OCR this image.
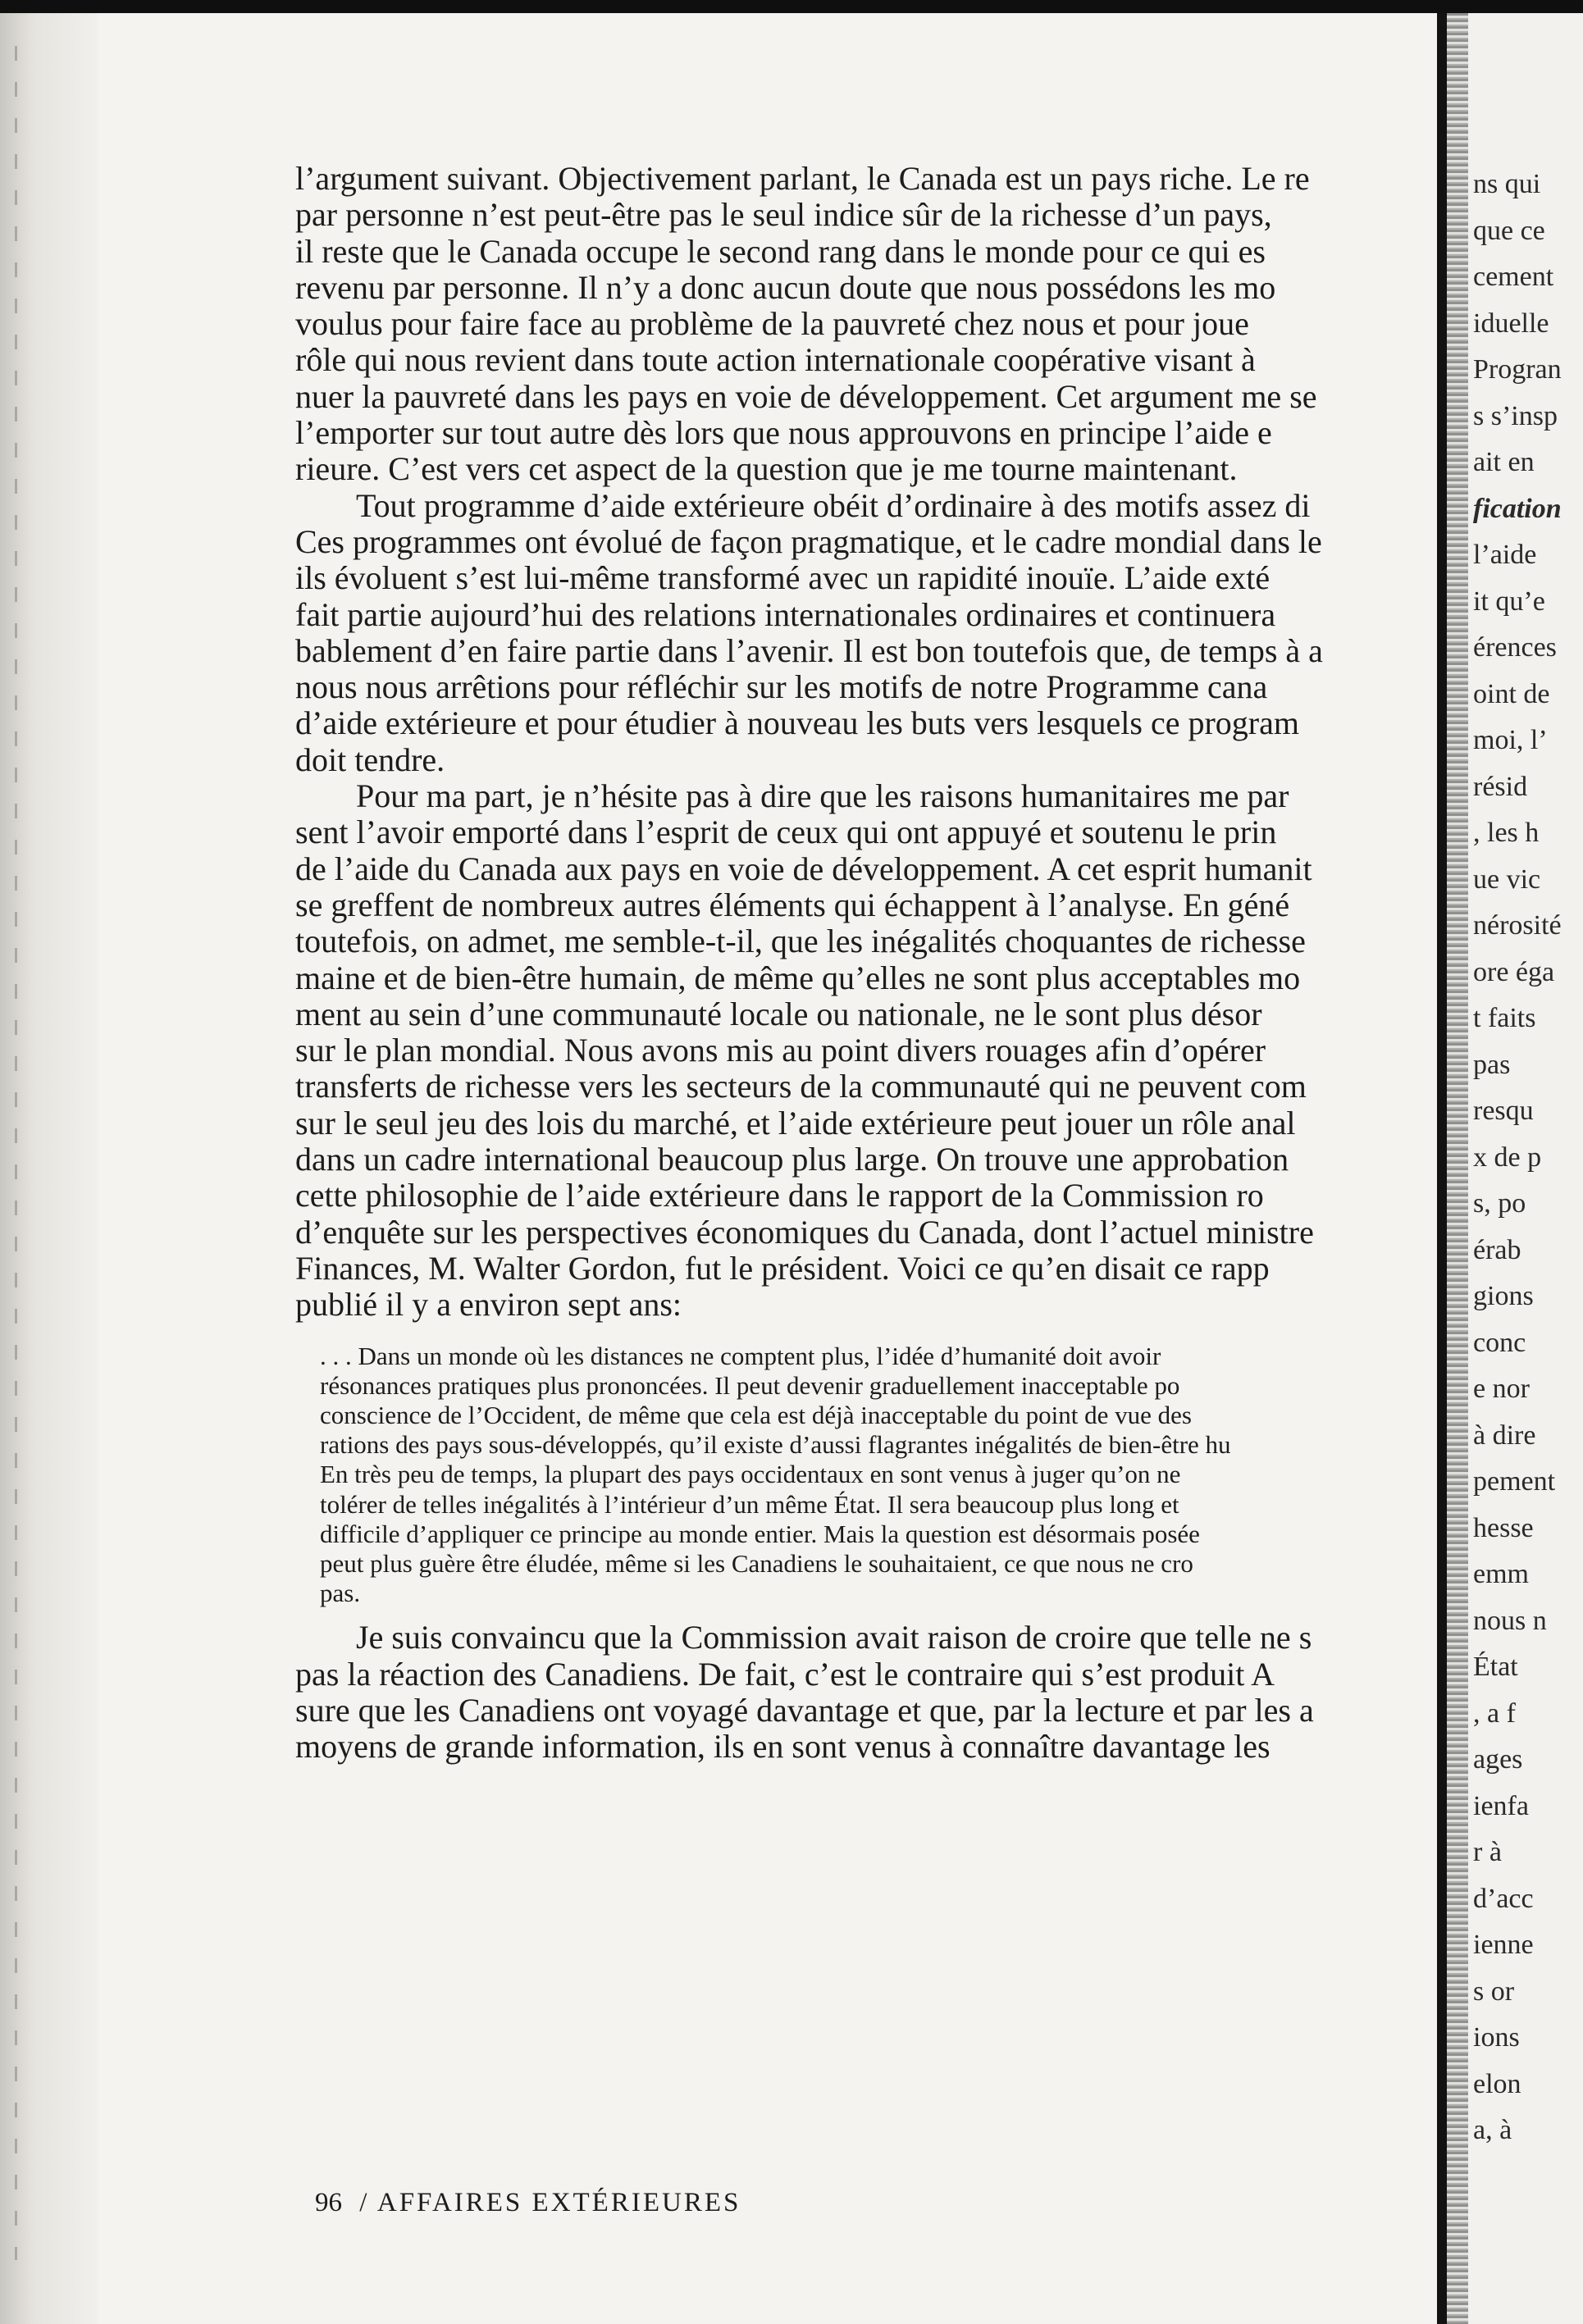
l’argument suivant. Objectivement parlant, le Canada est un pays riche. Le re
par personne n’est peut-être pas le seul indice sûr de la richesse d’un pays,
il reste que le Canada occupe le second rang dans le monde pour ce qui es
revenu par personne. Il n’y a donc aucun doute que nous possédons les mo
voulus pour faire face au problème de la pauvreté chez nous et pour joue
rôle qui nous revient dans toute action internationale coopérative visant à
nuer la pauvreté dans les pays en voie de développement. Cet argument me se
l’emporter sur tout autre dès lors que nous approuvons en principe l’aide e
rieure. C’est vers cet aspect de la question que je me tourne maintenant.
Tout programme d’aide extérieure obéit d’ordinaire à des motifs assez di
Ces programmes ont évolué de façon pragmatique, et le cadre mondial dans le
ils évoluent s’est lui-même transformé avec un rapidité inouïe. L’aide exté
fait partie aujourd’hui des relations internationales ordinaires et continuera
bablement d’en faire partie dans l’avenir. Il est bon toutefois que, de temps à a
nous nous arrêtions pour réfléchir sur les motifs de notre Programme cana
d’aide extérieure et pour étudier à nouveau les buts vers lesquels ce program
doit tendre.
Pour ma part, je n’hésite pas à dire que les raisons humanitaires me par
sent l’avoir emporté dans l’esprit de ceux qui ont appuyé et soutenu le prin
de l’aide du Canada aux pays en voie de développement. A cet esprit humanit
se greffent de nombreux autres éléments qui échappent à l’analyse. En géné
toutefois, on admet, me semble-t-il, que les inégalités choquantes de richesse
maine et de bien-être humain, de même qu’elles ne sont plus acceptables mo
ment au sein d’une communauté locale ou nationale, ne le sont plus désor
sur le plan mondial. Nous avons mis au point divers rouages afin d’opérer
transferts de richesse vers les secteurs de la communauté qui ne peuvent com
sur le seul jeu des lois du marché, et l’aide extérieure peut jouer un rôle anal
dans un cadre international beaucoup plus large. On trouve une approbation
cette philosophie de l’aide extérieure dans le rapport de la Commission ro
d’enquête sur les perspectives économiques du Canada, dont l’actuel ministre
Finances, M. Walter Gordon, fut le président. Voici ce qu’en disait ce rapp
publié il y a environ sept ans:
. . . Dans un monde où les distances ne comptent plus, l’idée d’humanité doit avoir
résonances pratiques plus prononcées. Il peut devenir graduellement inacceptable po
conscience de l’Occident, de même que cela est déjà inacceptable du point de vue des
rations des pays sous-développés, qu’il existe d’aussi flagrantes inégalités de bien-être hu
En très peu de temps, la plupart des pays occidentaux en sont venus à juger qu’on ne
tolérer de telles inégalités à l’intérieur d’un même État. Il sera beaucoup plus long et
difficile d’appliquer ce principe au monde entier. Mais la question est désormais posée
peut plus guère être éludée, même si les Canadiens le souhaitaient, ce que nous ne cro
pas.
Je suis convaincu que la Commission avait raison de croire que telle ne s
pas la réaction des Canadiens. De fait, c’est le contraire qui s’est produit A
sure que les Canadiens ont voyagé davantage et que, par la lecture et par les a
moyens de grande information, ils en sont venus à connaître davantage les
96 / AFFAIRES EXTÉRIEURES
ns qui
que ce
cement
iduelle
Progran
s s’insp
ait en
fication
l’aide
it qu’e
érences
oint de
moi, l’
résid
, les h
ue vic
nérosité
ore éga
t faits
pas
resqu
x de p
s, po
érab
gions
conc
e nor
à dire
pement
hesse
emm
nous n
État
, a f
ages
ienfa
r à
d’acc
ienne
s or
ions
elon
a, à
